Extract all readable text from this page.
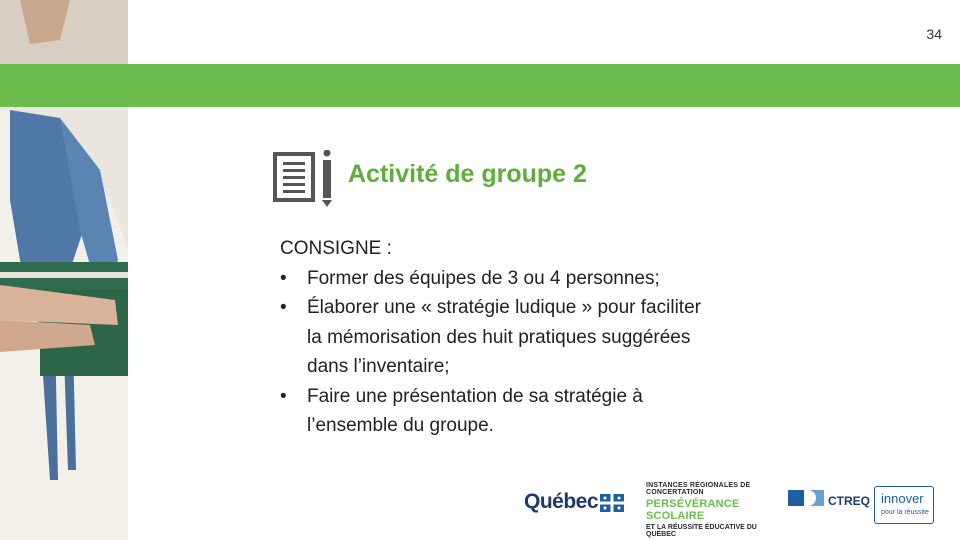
34
Activité de groupe 2
CONSIGNE :
• Former des équipes de 3 ou 4 personnes;
• Élaborer une « stratégie ludique » pour faciliter
la mémorisation des huit pratiques suggérées
dans l’inventaire;
• Faire une présentation de sa stratégie à
l’ensemble du groupe.
Québec
INSTANCES RÉGIONALES DE CONCERTATION
PERSÉVÉRANCE SCOLAIRE
ET LA RÉUSSITE ÉDUCATIVE DU QUÉBEC
CTREQ innover
pour la réussite
